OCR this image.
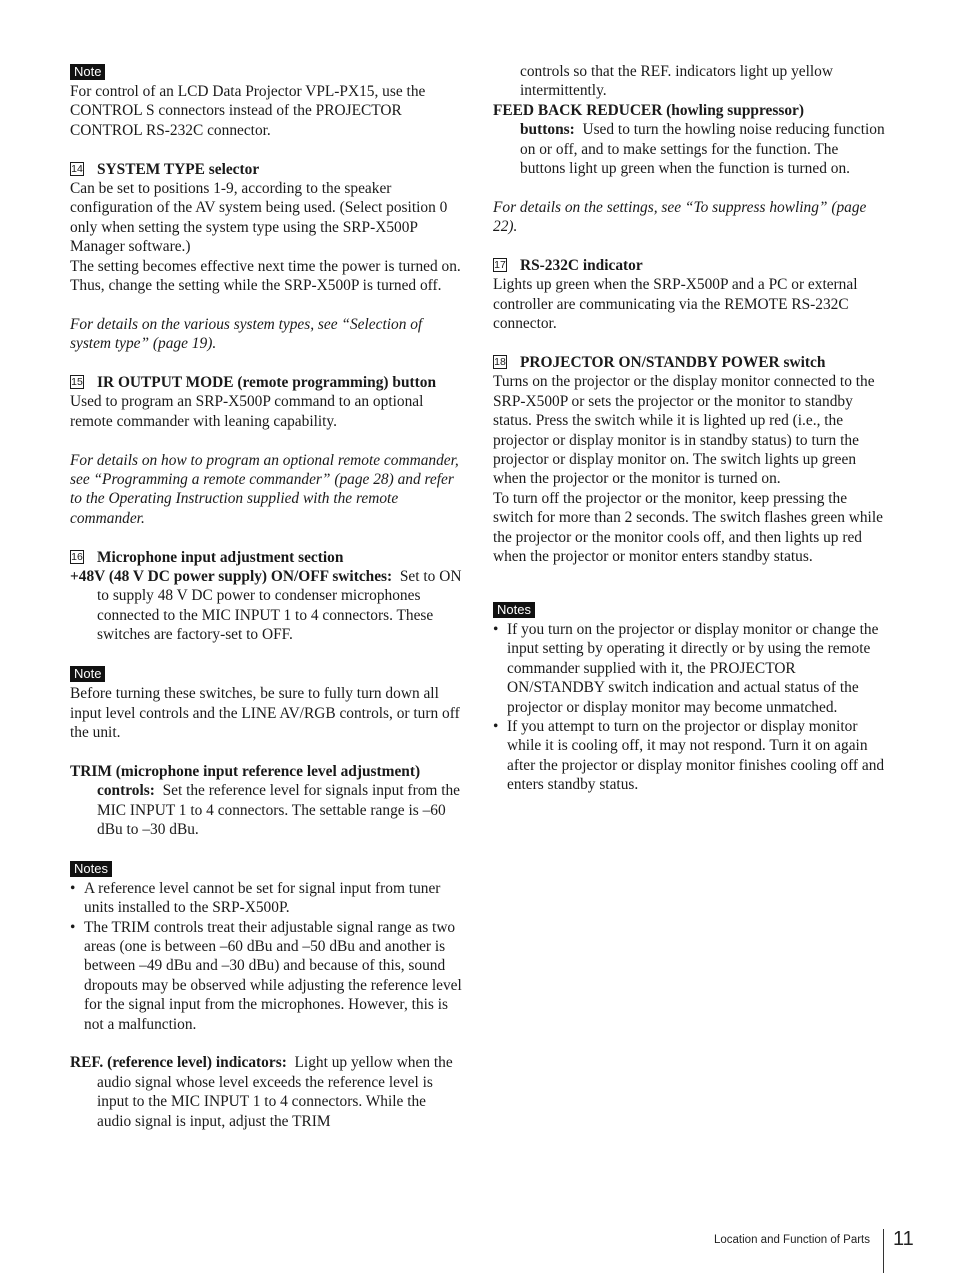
Note

For control of an LCD Data Projector VPL-PX15, use the CONTROL S connectors instead of the PROJECTOR CONTROL RS-232C connector.

14 SYSTEM TYPE selector

Can be set to positions 1-9, according to the speaker configuration of the AV system being used. (Select position 0 only when setting the system type using the SRP-X500P Manager software.)

The setting becomes effective next time the power is turned on. Thus, change the setting while the SRP-X500P is turned off.

For details on the various system types, see “Selection of system type” (page 19).

15 IR OUTPUT MODE (remote programming) button

Used to program an SRP-X500P command to an optional remote commander with leaning capability.

For details on how to program an optional remote commander, see “Programming a remote commander” (page 28) and refer to the Operating Instruction supplied with the remote commander.

16 Microphone input adjustment section

+48V (48 V DC power supply) ON/OFF switches: Set to ON to supply 48 V DC power to condenser microphones connected to the MIC INPUT 1 to 4 connectors. These switches are factory-set to OFF.

Note

Before turning these switches, be sure to fully turn down all input level controls and the LINE AV/RGB controls, or turn off the unit.

TRIM (microphone input reference level adjustment) controls: Set the reference level for signals input from the MIC INPUT 1 to 4 connectors. The settable range is –60 dBu to –30 dBu.

Notes

• A reference level cannot be set for signal input from tuner units installed to the SRP-X500P.

• The TRIM controls treat their adjustable signal range as two areas (one is between –60 dBu and –50 dBu and another is between –49 dBu and –30 dBu) and because of this, sound dropouts may be observed while adjusting the reference level for the signal input from the microphones. However, this is not a malfunction.

REF. (reference level) indicators: Light up yellow when the audio signal whose level exceeds the reference level is input to the MIC INPUT 1 to 4 connectors. While the audio signal is input, adjust the TRIM

controls so that the REF. indicators light up yellow intermittently.

FEED BACK REDUCER (howling suppressor)
buttons: Used to turn the howling noise reducing function on or off, and to make settings for the function. The buttons light up green when the function is turned on.

For details on the settings, see “To suppress howling” (page 22).

17 RS-232C indicator

Lights up green when the SRP-X500P and a PC or external controller are communicating via the REMOTE RS-232C connector.

18 PROJECTOR ON/STANDBY POWER switch

Turns on the projector or the display monitor connected to the SRP-X500P or sets the projector or the monitor to standby status. Press the switch while it is lighted up red (i.e., the projector or display monitor is in standby status) to turn the projector or display monitor on. The switch lights up green when the projector or the monitor is turned on.

To turn off the projector or the monitor, keep pressing the switch for more than 2 seconds. The switch flashes green while the projector or the monitor cools off, and then lights up red when the projector or monitor enters standby status.

Notes

• If you turn on the projector or display monitor or change the input setting by operating it directly or by using the remote commander supplied with it, the PROJECTOR ON/STANDBY switch indication and actual status of the projector or display monitor may become unmatched.

• If you attempt to turn on the projector or display monitor while it is cooling off, it may not respond. Turn it on again after the projector or display monitor finishes cooling off and enters standby status.

Location and Function of Parts 11
